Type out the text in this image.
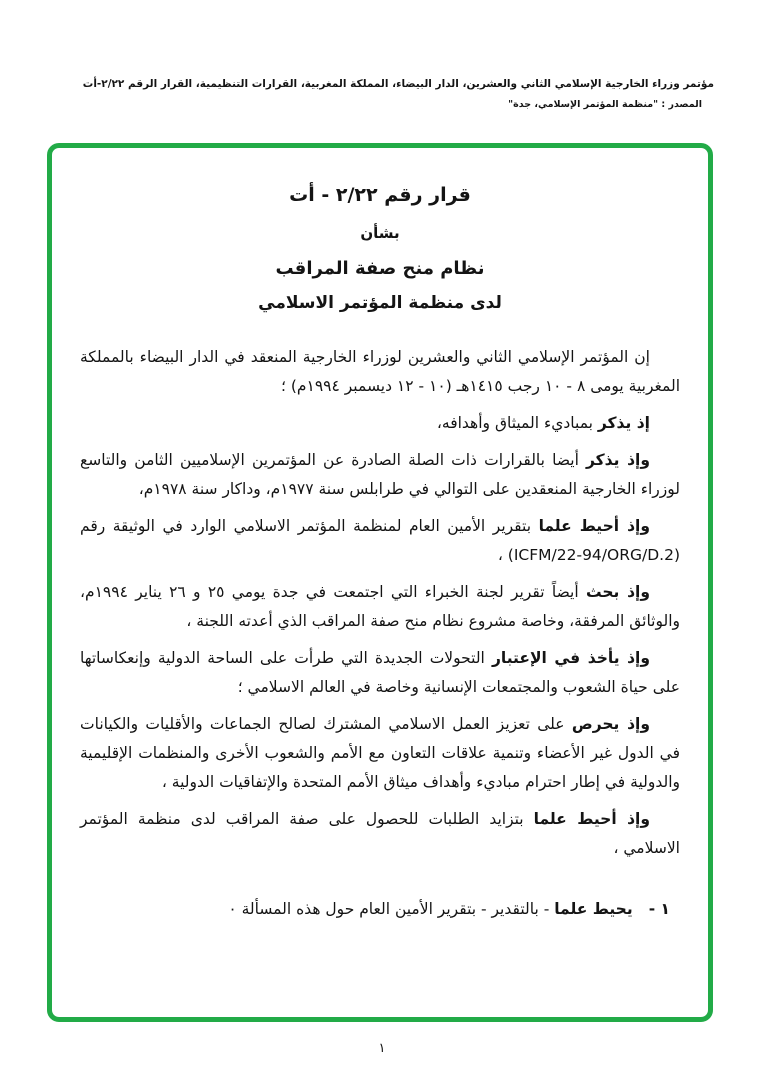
مؤتمر وزراء الخارجية الإسلامي الثاني والعشرين، الدار البيضاء، المملكة المغربية، القرارات التنظيمية، القرار الرقم ٢/٢٢-أت
المصدر : "منظمة المؤتمر الإسلامي، جدة"
قرار رقم ٢/٢٢ - أت
بشأن
نظام منح صفة المراقب
لدى منظمة المؤتمر الاسلامي

إن المؤتمر الإسلامي الثاني والعشرين لوزراء الخارجية المنعقد في الدار البيضاء بالمملكة المغربية يومى ٨ - ١٠ رجب ١٤١٥هـ (١٠ - ١٢ ديسمبر ١٩٩٤م) ؛

إذ يذكر بمباديء الميثاق وأهدافه،

وإذ يذكر أيضا بالقرارات ذات الصلة الصادرة عن المؤتمرين الإسلاميين الثامن والتاسع لوزراء الخارجية المنعقدين على التوالي في طرابلس سنة ١٩٧٧م، وداكار سنة ١٩٧٨م،

وإذ أحيط علما بتقرير الأمين العام لمنظمة المؤتمر الاسلامي الوارد في الوثيقة رقم (ICFM/22-94/ORG/D.2) ،

وإذ بحث أيضاً تقرير لجنة الخبراء التي اجتمعت في جدة يومي ٢٥ و ٢٦ يناير ١٩٩٤م، والوثائق المرفقة، وخاصة مشروع نظام منح صفة المراقب الذي أعدته اللجنة ،

وإذ يأخذ في الإعتبار التحولات الجديدة التي طرأت على الساحة الدولية وإنعكاساتها على حياة الشعوب والمجتمعات الإنسانية وخاصة في العالم الاسلامي ؛

وإذ يحرص على تعزيز العمل الاسلامي المشترك لصالح الجماعات والأقليات والكيانات في الدول غير الأعضاء وتنمية علاقات التعاون مع الأمم والشعوب الأخرى والمنظمات الإقليمية والدولية في إطار احترام مباديء وأهداف ميثاق الأمم المتحدة والإتفاقيات الدولية ،

وإذ أحيط علما بتزايد الطلبات للحصول على صفة المراقب لدى منظمة المؤتمر الاسلامي ،

١ -يحيط علما - بالتقدير - بتقرير الأمين العام حول هذه المسألة ٠
١
